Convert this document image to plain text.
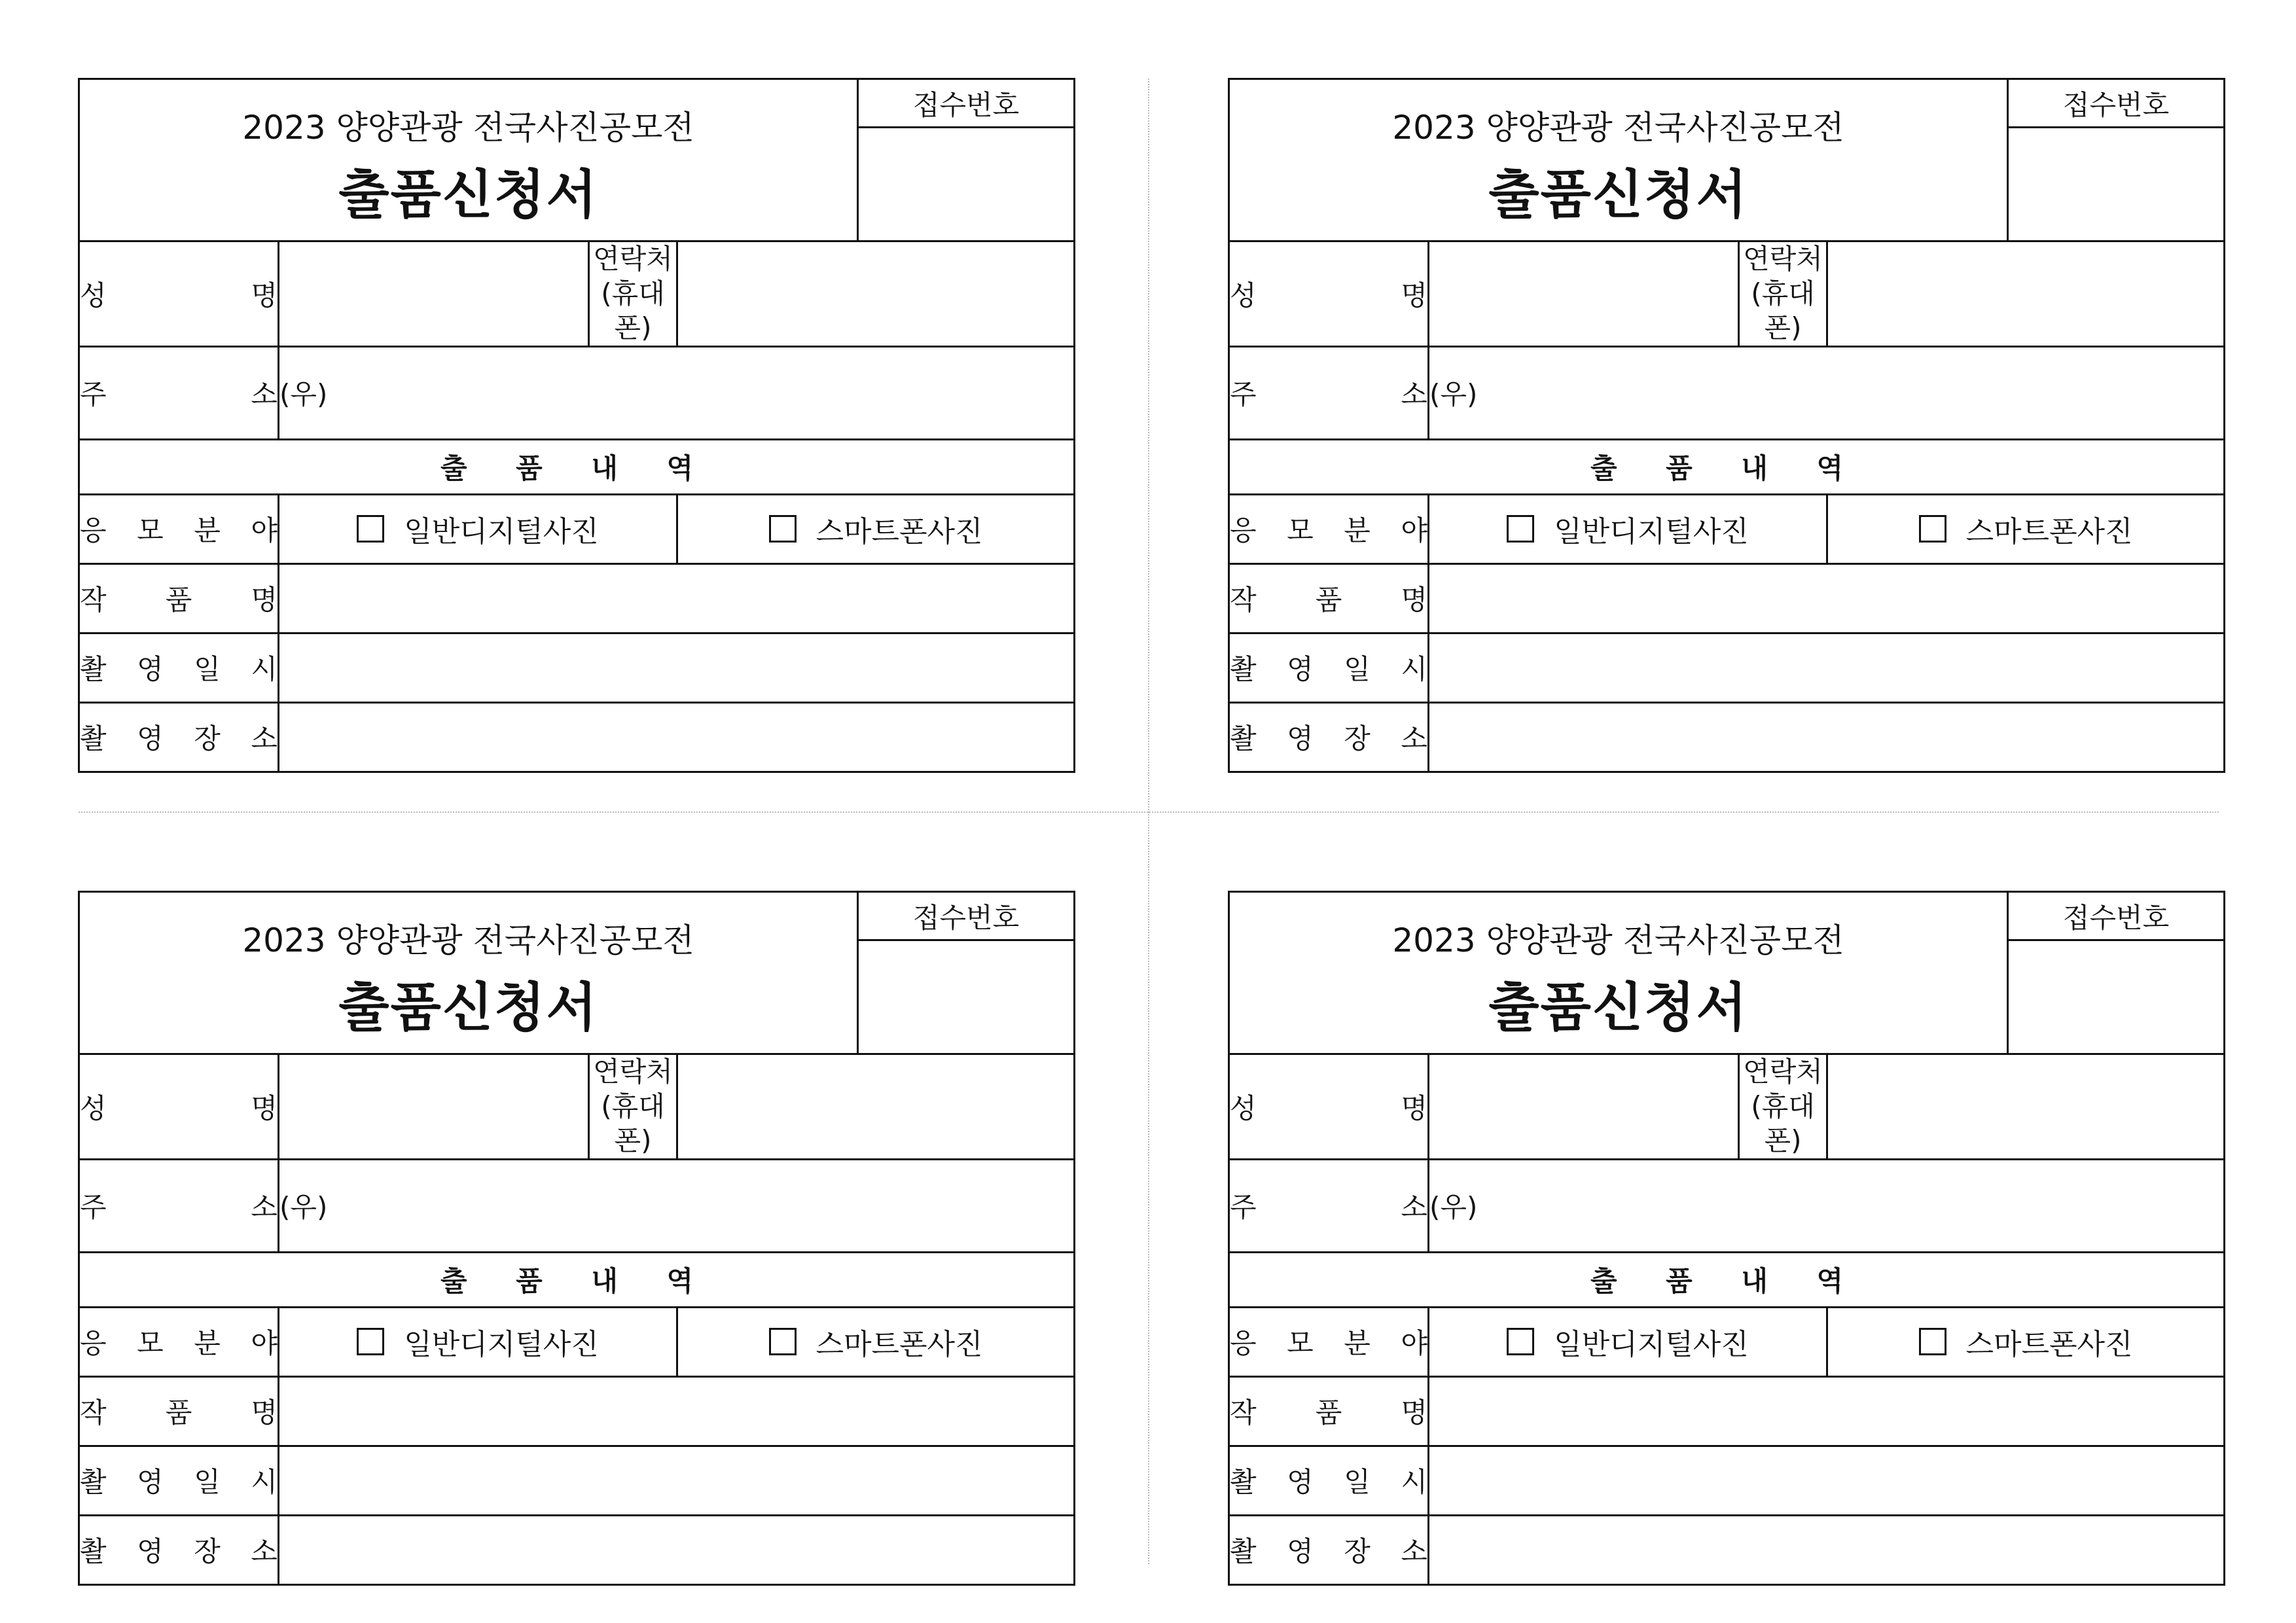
2023 양양관광 전국사진공모전
출품신청서				접수번호

성 명		연락처
(휴대폰)		

주 소	(우)			
출 품 내 역				

응 모 분 야	일반디지털사진		스마트폰사진	

작 품 명				

촬 영 일 시				

촬 영 장 소				

2023 양양관광 전국사진공모전
출품신청서				접수번호

성 명		연락처
(휴대폰)		

주 소	(우)			
출 품 내 역				

응 모 분 야	일반디지털사진		스마트폰사진	

작 품 명				

촬 영 일 시				

촬 영 장 소				

2023 양양관광 전국사진공모전
출품신청서				접수번호

성 명		연락처
(휴대폰)		

주 소	(우)			
출 품 내 역				

응 모 분 야	일반디지털사진		스마트폰사진	

작 품 명				

촬 영 일 시				

촬 영 장 소				

2023 양양관광 전국사진공모전
출품신청서				접수번호

성 명		연락처
(휴대폰)		

주 소	(우)			
출 품 내 역				

응 모 분 야	일반디지털사진		스마트폰사진	

작 품 명				

촬 영 일 시				

촬 영 장 소				
